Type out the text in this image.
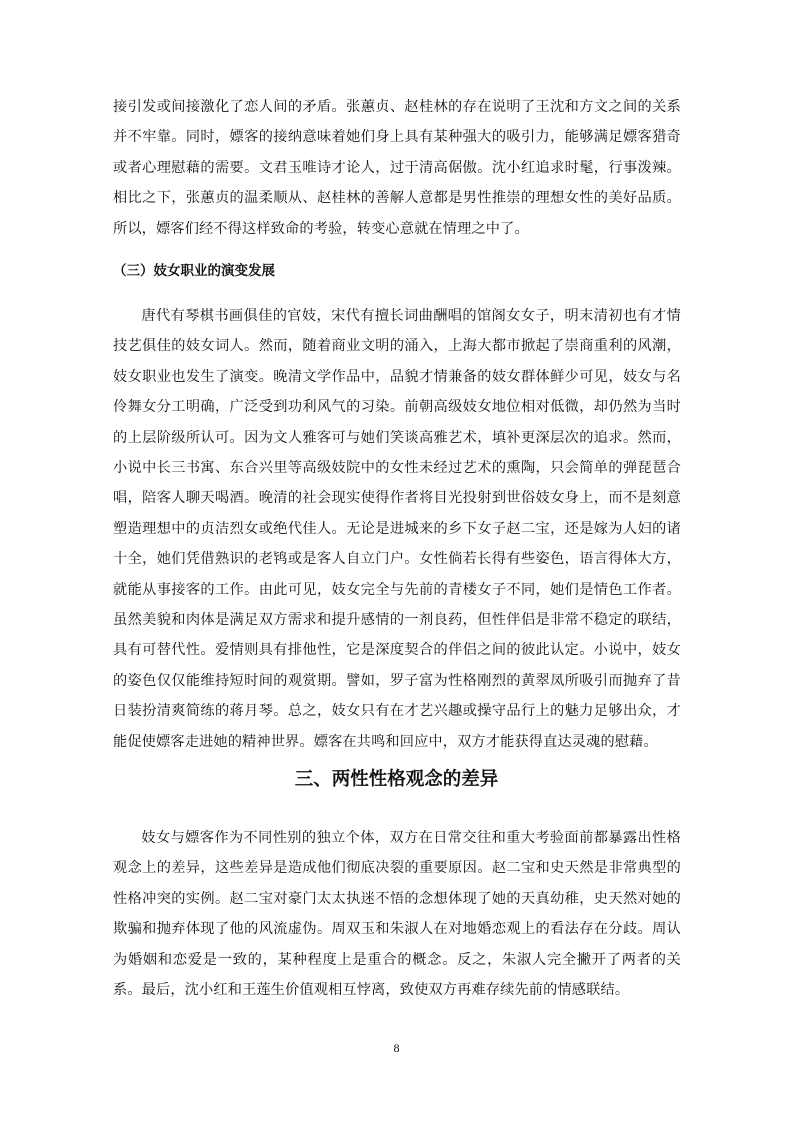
接引发或间接激化了恋人间的矛盾。张蕙贞、赵桂林的存在说明了王沈和方文之间的关系并不牢靠。同时，嫖客的接纳意味着她们身上具有某种强大的吸引力，能够满足嫖客猎奇或者心理慰藉的需要。文君玉唯诗才论人，过于清高倨傲。沈小红追求时髦，行事泼辣。相比之下，张蕙贞的温柔顺从、赵桂林的善解人意都是男性推崇的理想女性的美好品质。所以，嫖客们经不得这样致命的考验，转变心意就在情理之中了。

（三）妓女职业的演变发展

唐代有琴棋书画俱佳的官妓，宋代有擅长词曲酬唱的馆阁女女子，明末清初也有才情技艺俱佳的妓女词人。然而，随着商业文明的涌入，上海大都市掀起了崇商重利的风潮，妓女职业也发生了演变。晚清文学作品中，品貌才情兼备的妓女群体鲜少可见，妓女与名伶舞女分工明确，广泛受到功利风气的习染。前朝高级妓女地位相对低微，却仍然为当时的上层阶级所认可。因为文人雅客可与她们笑谈高雅艺术，填补更深层次的追求。然而，小说中长三书寓、东合兴里等高级妓院中的女性未经过艺术的熏陶，只会简单的弹琵琶合唱，陪客人聊天喝酒。晚清的社会现实使得作者将目光投射到世俗妓女身上，而不是刻意塑造理想中的贞洁烈女或绝代佳人。无论是进城来的乡下女子赵二宝，还是嫁为人妇的诸十全，她们凭借熟识的老鸨或是客人自立门户。女性倘若长得有些姿色，语言得体大方，就能从事接客的工作。由此可见，妓女完全与先前的青楼女子不同，她们是情色工作者。虽然美貌和肉体是满足双方需求和提升感情的一剂良药，但性伴侣是非常不稳定的联结，具有可替代性。爱情则具有排他性，它是深度契合的伴侣之间的彼此认定。小说中，妓女的姿色仅仅能维持短时间的观赏期。譬如，罗子富为性格刚烈的黄翠凤所吸引而抛弃了昔日装扮清爽简练的蒋月琴。总之，妓女只有在才艺兴趣或操守品行上的魅力足够出众，才能促使嫖客走进她的精神世界。嫖客在共鸣和回应中，双方才能获得直达灵魂的慰藉。

三、两性性格观念的差异

妓女与嫖客作为不同性别的独立个体，双方在日常交往和重大考验面前都暴露出性格观念上的差异，这些差异是造成他们彻底决裂的重要原因。赵二宝和史天然是非常典型的性格冲突的实例。赵二宝对豪门太太执迷不悟的念想体现了她的天真幼稚，史天然对她的欺骗和抛弃体现了他的风流虚伪。周双玉和朱淑人在对地婚恋观上的看法存在分歧。周认为婚姻和恋爱是一致的，某种程度上是重合的概念。反之，朱淑人完全撇开了两者的关系。最后，沈小红和王莲生价值观相互悖离，致使双方再难存续先前的情感联结。

8
